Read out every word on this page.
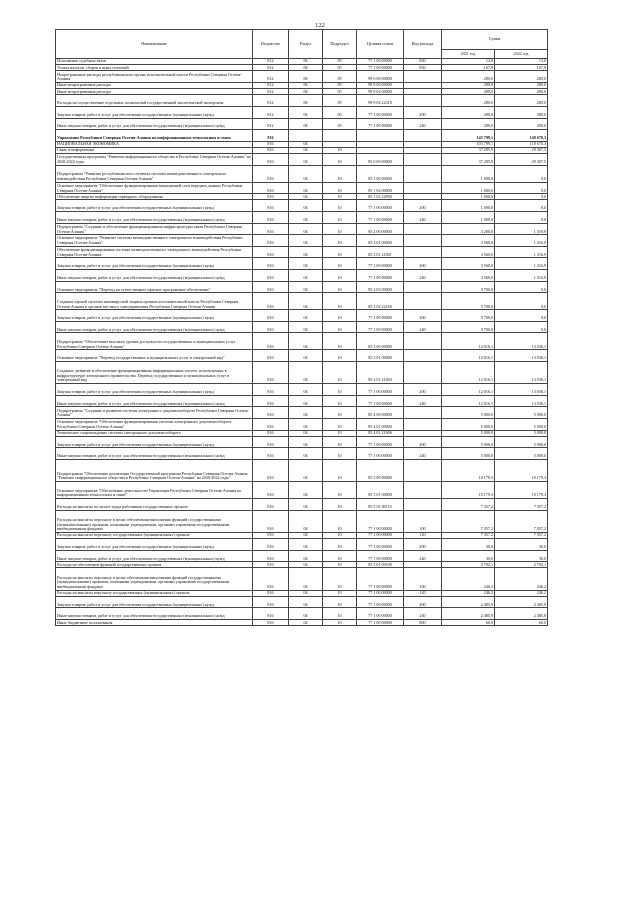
122
Наименование	Ведомство	Раздел	Подраздел	Целевая статья	Вид расхода	Сумма	
						2021 год	2022 год
Исполнение судебных актов	812	06	05	77 1 00 00000	830	13,0	13,0
Уплата налогов, сборов и иных платежей	812	06	05	77 1 00 00000	850	167,8	167,8
Непрограммные расходы республиканского органа исполнительной власти Республики Северная Осетия-Алания	812	06	05	99 0 00 00000		280,0	280,0
Иные непрограммные расходы	812	06	05	99 9 00 00000		280,0	280,0
Иные непрограммные расходы	812	06	05	99 9 04 00000		280,0	280,0
Расходы на осуществление отдельных полномочий государственной экологической экспертизы	812	06	05	99 9 04 22310		280,0	280,0
Закупка товаров, работ и услуг для обеспечения государственных (муниципальных) нужд	812	06	05	77 1 00 00000	200	280,0	280,0
Иные закупки товаров, работ и услуг для обеспечения государственных (муниципальных) нужд	812	06	05	77 1 00 00000	240	280,0	280,0
Управление Республики Северная Осетия-Алания по информационным технологиям и связи	816					145 799,1	140 670,3
НАЦИОНАЛЬНАЯ ЭКОНОМИКА	816	04				103 799,1	110 670,3
Связь и информатика	816	04	10			37 295,9	29 307,5
Государственная программа "Развитие информационного общества в Республике Северная Осетия-Алания" на 2020-2022 годы	816	04	10	85 0 00 00000		37 295,9	29 307,5
Подпрограмма "Развитие республиканского сегмента системы межведомственного электронного взаимодействия Республики Северная Осетия-Алания"	816	04	10	85 1 00 00000		1 000,0	0,0
Основное мероприятие "Обеспечение функционирования защищенной сети передачи данных Республики Северная Осетия-Алания"	816	04	10	85 1 02 00000		1 000,0	0,0
Обеспечение защиты информации серверного оборудования	816	04	10	85 1 02 22950		1 000,0	0,0
Закупка товаров, работ и услуг для обеспечения государственных (муниципальных) нужд	816	04	10	77 1 00 00000	200	1 000,0	0,0
Иные закупки товаров, работ и услуг для обеспечения государственных (муниципальных) нужд	816	04	10	77 1 00 00000	240	1 000,0	0,0
Подпрограмма "Создание и обеспечение функционирования инфраструктуры связи Республики Северная Осетия-Алания"	816	04	10	85 2 00 00000		4 260,0	1 316,9
Основное мероприятие "Развитие системы межведомственного электронного взаимодействия Республики Северная Осетия-Алания"	816	04	10	85 2 01 00000		3 560,0	1 316,9
Обеспечение функционирования системы межведомственного электронного взаимодействия Республики Северная Осетия-Алания	816	04	10	85 2 01 21001		3 560,0	1 316,9
Закупка товаров, работ и услуг для обеспечения государственных (муниципальных) нужд	816	04	10	77 1 00 00000	200	3 560,0	1 316,9
Иные закупки товаров, работ и услуг для обеспечения государственных (муниципальных) нужд	816	04	10	77 1 00 00000	240	3 560,0	1 316,9
Основное мероприятие "Переход на отечественное офисное программное обеспечение"	816	04	10	85 2 03 00000		5 700,0	0,0
Создание единой системы антивирусной защиты органов исполнительной власти Республики Северная Осетия-Алания и органов местного самоуправления Республики Северная Осетия-Алания	816	04	10	85 2 04 22160		5 700,0	0,0
Закупка товаров, работ и услуг для обеспечения государственных (муниципальных) нужд	816	04	10	77 1 00 00000	200	5 700,0	0,0
Иные закупки товаров, работ и услуг для обеспечения государственных (муниципальных) нужд	816	04	10	77 1 00 00000	240	5 700,0	0,0
Подпрограмма "Обеспечение высокого уровня доступности государственных и муниципальных услуг Республики Северная Осетия-Алания"	816	04	10	85 3 00 00000		12 016,1	13 036,1
Основное мероприятие "Перевод государственных и муниципальных услуг в электронный вид"	816	04	10	85 3 01 00000		12 016,1	13 036,1
Создание, развитие и обеспечение функционирования информационных систем, используемых в инфраструктуре электронного правительства. Перевод государственных и муниципальных услуг в электронный вид	816	04	10	85 3 01 21004		12 016,1	13 036,1
Закупка товаров, работ и услуг для обеспечения государственных (муниципальных) нужд	816	04	10	77 1 00 00000	200	12 016,1	13 036,1
Иные закупки товаров, работ и услуг для обеспечения государственных (муниципальных) нужд	816	04	10	77 1 00 00000	240	12 016,1	13 036,1
Подпрограмма "Создание и развитие системы электронного документооборота Республики Северная Осетия-Алания"	816	04	10	85 4 00 00000		5 000,0	5 000,0
Основное мероприятие "Обеспечение функционирования системы электронного документооборота Республики Северная Осетия-Алания"	816	04	10	85 4 01 00000		5 000,0	5 000,0
Техническое сопровождение системы электронного документооборота	816	04	10	85 4 01 21006		5 000,0	5 000,0
Закупка товаров, работ и услуг для обеспечения государственных (муниципальных) нужд	816	04	10	77 1 00 00000	200	5 000,0	5 000,0
Иные закупки товаров, работ и услуг для обеспечения государственных (муниципальных) нужд	816	04	10	77 1 00 00000	240	5 000,0	5 000,0
Подпрограмма "Обеспечение реализации Государственной программы Республики Северная Осетия-Алания "Развитие информационного общества в Республике Северная Осетия-Алания" на 2020-2022 годы"	816	04	10	85 5 00 00000		10 179,3	10 179,3
Основное мероприятие "Обеспечение деятельности Управления Республики Северная Осетия-Алания по информационным технологиям и связи"	816	04	10	85 5 01 00000		10 179,3	10 179,3
Расходы на выплаты по оплате труда работников государственных органов	816	04	10	85 5 01 00110		7 357,2	7 357,2
Расходы на выплаты персоналу в целях обеспечения выполнения функций государственными (муниципальными) органами, казенными учреждениями, органами управления государственными внебюджетными фондами	816	04	10	77 1 00 00000	100	7 357,2	7 357,2
Расходы на выплаты персоналу государственных (муниципальных) органов	816	04	10	77 1 00 00000	120	7 357,2	7 357,2
Закупка товаров, работ и услуг для обеспечения государственных (муниципальных) нужд	816	04	10	77 1 00 00000	200	30,0	30,0
Иные закупки товаров, работ и услуг для обеспечения государственных (муниципальных) нужд	816	04	10	77 1 00 00000	240	30,0	30,0
Расходы на обеспечение функций государственных органов	816	04	10	85 5 01 00190		2 792,1	2 792,1
Расходы на выплаты персоналу в целях обеспечения выполнения функций государственными (муниципальными) органами, казенными учреждениями, органами управления государственными внебюджетными фондами	816	04	10	77 1 00 00000	100	246,2	246,2
Расходы на выплаты персоналу государственных (муниципальных) органов	816	04	10	77 1 00 00000	120	246,2	246,2
Закупка товаров, работ и услуг для обеспечения государственных (муниципальных) нужд	816	04	10	77 1 00 00000	200	2 485,9	2 485,9
Иные закупки товаров, работ и услуг для обеспечения государственных (муниципальных) нужд	816	04	10	77 1 00 00000	240	2 485,9	2 485,9
Иные бюджетные ассигнования	816	04	10	77 1 00 00000	800	60,0	60,0
